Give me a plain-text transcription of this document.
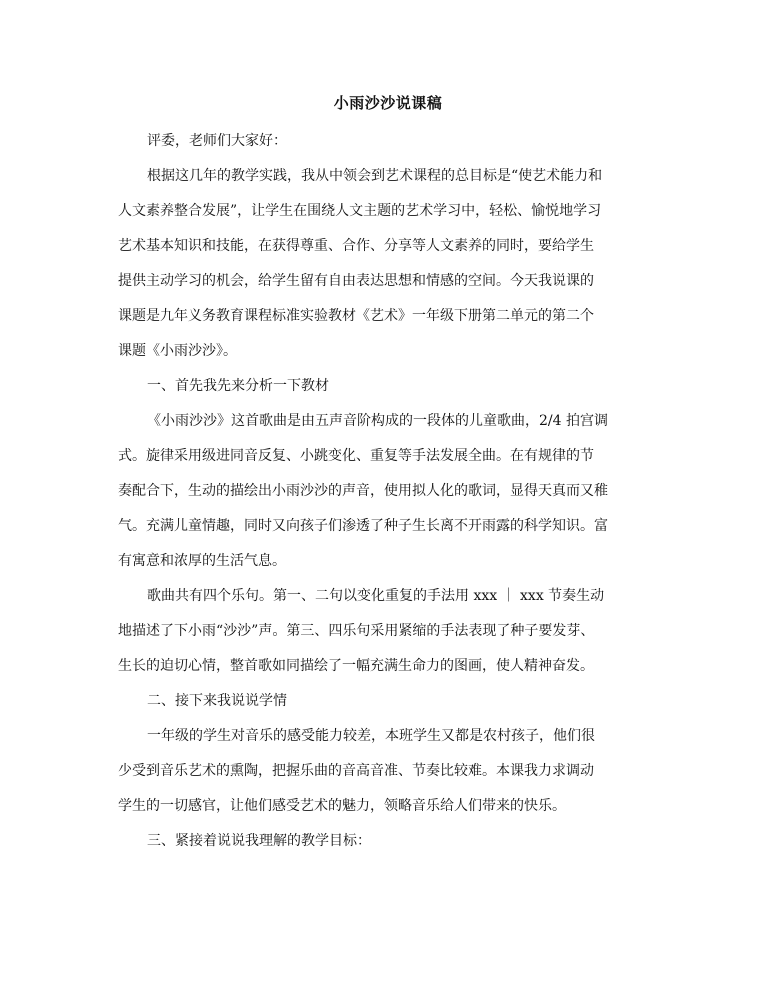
小雨沙沙说课稿
评委，老师们大家好：
根据这几年的教学实践，我从中领会到艺术课程的总目标是“使艺术能力和
人文素养整合发展”，让学生在围绕人文主题的艺术学习中，轻松、愉悦地学习
艺术基本知识和技能，在获得尊重、合作、分享等人文素养的同时，要给学生
提供主动学习的机会，给学生留有自由表达思想和情感的空间。今天我说课的
课题是九年义务教育课程标准实验教材《艺术》一年级下册第二单元的第二个
课题《小雨沙沙》。
一、首先我先来分析一下教材
《小雨沙沙》这首歌曲是由五声音阶构成的一段体的儿童歌曲，2/4 拍宫调
式。旋律采用级进同音反复、小跳变化、重复等手法发展全曲。在有规律的节
奏配合下，生动的描绘出小雨沙沙的声音，使用拟人化的歌词，显得天真而又稚
气。充满儿童情趣，同时又向孩子们渗透了种子生长离不开雨露的科学知识。富
有寓意和浓厚的生活气息。
歌曲共有四个乐句。第一、二句以变化重复的手法用 xxx ｜ xxx 节奏生动
地描述了下小雨“沙沙”声。第三、四乐句采用紧缩的手法表现了种子要发芽、
生长的迫切心情，整首歌如同描绘了一幅充满生命力的图画，使人精神奋发。
二、接下来我说说学情
一年级的学生对音乐的感受能力较差，本班学生又都是农村孩子，他们很
少受到音乐艺术的熏陶，把握乐曲的音高音准、节奏比较难。本课我力求调动
学生的一切感官，让他们感受艺术的魅力，领略音乐给人们带来的快乐。
三、紧接着说说我理解的教学目标：
